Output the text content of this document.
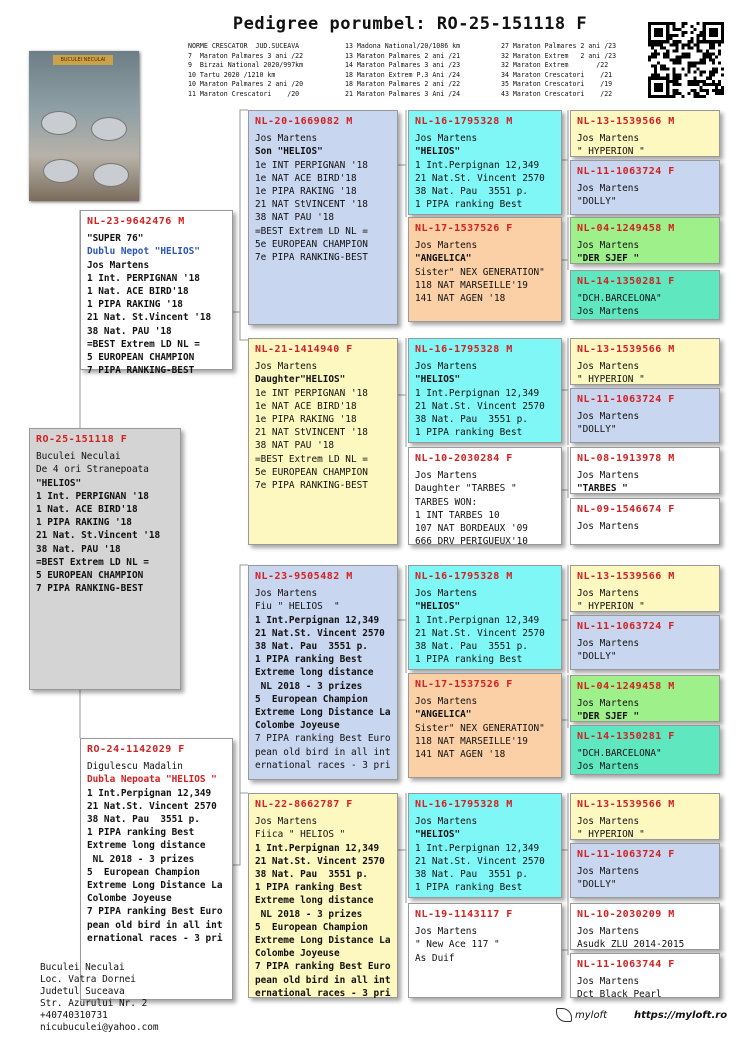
Pedigree porumbel: RO-25-151118 F
NORME CRESCATOR  JUD.SUCEAVA
7  Maraton Palmares 3 ani /22
9  Birzai National 2020/997km
10 Tartu 2020 /1210 km
10 Maraton Palmares 2 ani /20
11 Maraton Crescatori    /20
13 Madona National/20/1086 km
13 Maraton Palmares 2 ani /21
14 Maraton Palmares 3 ani /23
18 Maraton Extrem P.3 Ani /24
18 Maraton Palmares 2 ani /22
21 Maraton Palmares 3 Ani /24
27 Maraton Palmares 2 ani /23
32 Maraton Extrem   2 ani /23
32 Maraton Extrem       /22
34 Maraton Crescatori    /21
35 Maraton Crescatori    /19
43 Maraton Crescatori    /22
BUCULEI NECULAI
RO-25-151118 F
Buculei Neculai
De 4 ori Stranepoata
"HELIOS"
1 Int. PERPIGNAN '18
1 Nat. ACE BIRD'18
1 PIPA RAKING '18
21 Nat. St.Vincent '18
38 Nat. PAU '18
=BEST Extrem LD NL =
5 EUROPEAN CHAMPION
7 PIPA RANKING-BEST
NL-23-9642476 M
"SUPER 76"
Dublu Nepot "HELIOS"
Jos Martens
1 Int. PERPIGNAN '18
1 Nat. ACE BIRD'18
1 PIPA RAKING '18
21 Nat. St.Vincent '18
38 Nat. PAU '18
=BEST Extrem LD NL =
5 EUROPEAN CHAMPION
7 PIPA RANKING-BEST
RO-24-1142029 F
Digulescu Madalin
Dubla Nepoata "HELIOS "
1 Int.Perpignan 12,349
21 Nat.St. Vincent 2570
38 Nat. Pau  3551 p.
1 PIPA ranking Best
Extreme long distance
NL 2018 - 3 prizes
5  European Champion
Extreme Long Distance La
Colombe Joyeuse
7 PIPA ranking Best Euro
pean old bird in all int
ernational races - 3 pri
NL-20-1669082 M
Jos Martens
Son "HELIOS"
1e INT PERPIGNAN '18
1e NAT ACE BIRD'18
1e PIPA RAKING '18
21 NAT StVINCENT '18
38 NAT PAU '18
=BEST Extrem LD NL =
5e EUROPEAN CHAMPION
7e PIPA RANKING-BEST
NL-21-1414940 F
Jos Martens
Daughter"HELIOS"
1e INT PERPIGNAN '18
1e NAT ACE BIRD'18
1e PIPA RAKING '18
21 NAT StVINCENT '18
38 NAT PAU '18
=BEST Extrem LD NL =
5e EUROPEAN CHAMPION
7e PIPA RANKING-BEST
NL-23-9505482 M
Jos Martens
Fiu " HELIOS  "
1 Int.Perpignan 12,349
21 Nat.St. Vincent 2570
38 Nat. Pau  3551 p.
1 PIPA ranking Best
Extreme long distance
NL 2018 - 3 prizes
5  European Champion
Extreme Long Distance La
Colombe Joyeuse
7 PIPA ranking Best Euro
pean old bird in all int
ernational races - 3 pri
NL-22-8662787 F
Jos Martens
Fiica " HELIOS "
1 Int.Perpignan 12,349
21 Nat.St. Vincent 2570
38 Nat. Pau  3551 p.
1 PIPA ranking Best
Extreme long distance
NL 2018 - 3 prizes
5  European Champion
Extreme Long Distance La
Colombe Joyeuse
7 PIPA ranking Best Euro
pean old bird in all int
ernational races - 3 pri
NL-16-1795328 M
Jos Martens
"HELIOS"
1 Int.Perpignan 12,349
21 Nat.St. Vincent 2570
38 Nat. Pau  3551 p.
1 PIPA ranking Best
NL-17-1537526 F
Jos Martens
"ANGELICA"
Sister" NEX GENERATION"
118 NAT MARSEILLE'19
141 NAT AGEN '18
NL-16-1795328 M
Jos Martens
"HELIOS"
1 Int.Perpignan 12,349
21 Nat.St. Vincent 2570
38 Nat. Pau  3551 p.
1 PIPA ranking Best
NL-10-2030284 F
Jos Martens
Daughter "TARBES "
TARBES WON:
1 INT TARBES 10
107 NAT BORDEAUX '09
666 DRV PERIGUEUX'10
NL-16-1795328 M
Jos Martens
"HELIOS"
1 Int.Perpignan 12,349
21 Nat.St. Vincent 2570
38 Nat. Pau  3551 p.
1 PIPA ranking Best
NL-17-1537526 F
Jos Martens
"ANGELICA"
Sister" NEX GENERATION"
118 NAT MARSEILLE'19
141 NAT AGEN '18
NL-16-1795328 M
Jos Martens
"HELIOS"
1 Int.Perpignan 12,349
21 Nat.St. Vincent 2570
38 Nat. Pau  3551 p.
1 PIPA ranking Best
NL-19-1143117 F
Jos Martens
" New Ace 117 "
As Duif
NL-13-1539566 M
Jos Martens
" HYPERION "
NL-11-1063724 F
Jos Martens
"DOLLY"
NL-04-1249458 M
Jos Martens
"DER SJEF "
NL-14-1350281 F
"DCH.BARCELONA"
Jos Martens
NL-13-1539566 M
Jos Martens
" HYPERION "
NL-11-1063724 F
Jos Martens
"DOLLY"
NL-08-1913978 M
Jos Martens
"TARBES "
NL-09-1546674 F
Jos Martens
NL-13-1539566 M
Jos Martens
" HYPERION "
NL-11-1063724 F
Jos Martens
"DOLLY"
NL-04-1249458 M
Jos Martens
"DER SJEF "
NL-14-1350281 F
"DCH.BARCELONA"
Jos Martens
NL-13-1539566 M
Jos Martens
" HYPERION "
NL-11-1063724 F
Jos Martens
"DOLLY"
NL-10-2030209 M
Jos Martens
Asudk ZLU 2014-2015
NL-11-1063744 F
Jos Martens
Dct Black Pearl
Buculei Neculai
Loc. Vatra Dornei
Judetul Suceava
Str. Azurului Nr. 2
+40740310731
nicubuculei@yahoo.com
myloft	https://myloft.ro
